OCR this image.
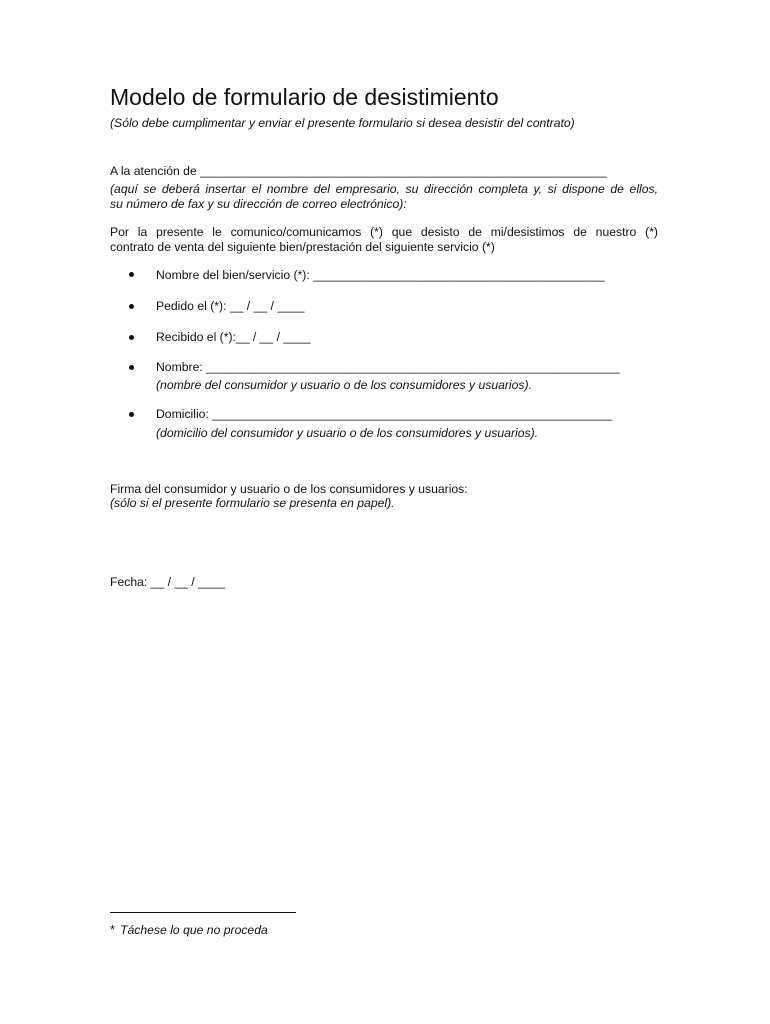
Modelo de formulario de desistimiento

(Sólo debe cumplimentar y enviar el presente formulario si desea desistir del contrato)

A la atención de ____________________________________________________________

(aquí se deberá insertar el nombre del empresario, su dirección completa y, si dispone de ellos,
su número de fax y su dirección de correo electrónico):
Por la presente le comunico/comunicamos (*) que desisto de mi/desistimos de nuestro (*)
contrato de venta del siguiente bien/prestación del siguiente servicio (*)

Nombre del bien/servicio (*): ___________________________________________

Pedido el (*): __ / __ / ____

Recibido el (*):__ / __ / ____

Nombre: _____________________________________________________________

(nombre del consumidor y usuario o de los consumidores y usuarios).

Domicilio: ___________________________________________________________

(domicilio del consumidor y usuario o de los consumidores y usuarios).

Firma del consumidor y usuario o de los consumidores y usuarios:

(sólo si el presente formulario se presenta en papel).

Fecha: __ / __ / ____

* Táchese lo que no proceda
